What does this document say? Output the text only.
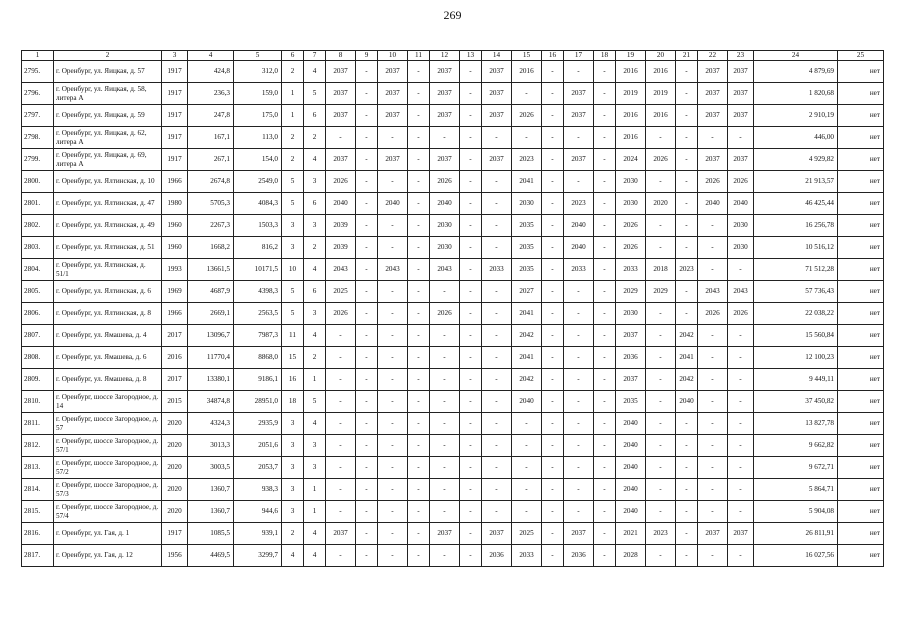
269
1	2	3	4	5	6	7	8	9	10	11	12	13	14	15	16	17	18	19	20	21	22	23	24	25
2795.	г. Оренбург, ул. Яицкая, д. 57	1917	424,8	312,0	2	4	2037	-	2037	-	2037	-	2037	2016	-	-	-	2016	2016	-	2037	2037	4 879,69	нет
2796.	г. Оренбург, ул. Яицкая, д. 58, литера А	1917	236,3	159,0	1	5	2037	-	2037	-	2037	-	2037	-	-	2037	-	2019	2019	-	2037	2037	1 820,68	нет
2797.	г. Оренбург, ул. Яицкая, д. 59	1917	247,8	175,0	1	6	2037	-	2037	-	2037	-	2037	2026	-	2037	-	2016	2016	-	2037	2037	2 910,19	нет
2798.	г. Оренбург, ул. Яицкая, д. 62, литера А	1917	167,1	113,0	2	2	-	-	-	-	-	-	-	-	-	-	-	2016	-	-	-	-	446,00	нет
2799.	г. Оренбург, ул. Яицкая, д. 69, литера А	1917	267,1	154,0	2	4	2037	-	2037	-	2037	-	2037	2023	-	2037	-	2024	2026	-	2037	2037	4 929,82	нет
2800.	г. Оренбург, ул. Ялтинская, д. 10	1966	2674,8	2549,0	5	3	2026	-	-	-	2026	-	-	2041	-	-	-	2030	-	-	2026	2026	21 913,57	нет
2801.	г. Оренбург, ул. Ялтинская, д. 47	1980	5705,3	4084,3	5	6	2040	-	2040	-	2040	-	-	2030	-	2023	-	2030	2020	-	2040	2040	46 425,44	нет
2802.	г. Оренбург, ул. Ялтинская, д. 49	1960	2267,3	1503,3	3	3	2039	-	-	-	2030	-	-	2035	-	2040	-	2026	-	-	-	2030	16 256,78	нет
2803.	г. Оренбург, ул. Ялтинская, д. 51	1960	1668,2	816,2	3	2	2039	-	-	-	2030	-	-	2035	-	2040	-	2026	-	-	-	2030	10 516,12	нет
2804.	г. Оренбург, ул. Ялтинская, д. 51/1	1993	13661,5	10171,5	10	4	2043	-	2043	-	2043	-	2033	2035	-	2033	-	2033	2018	2023	-	-	71 512,28	нет
2805.	г. Оренбург, ул. Ялтинская, д. 6	1969	4687,9	4398,3	5	6	2025	-	-	-	-	-	-	2027	-	-	-	2029	2029	-	2043	2043	57 736,43	нет
2806.	г. Оренбург, ул. Ялтинская, д. 8	1966	2669,1	2563,5	5	3	2026	-	-	-	2026	-	-	2041	-	-	-	2030	-	-	2026	2026	22 038,22	нет
2807.	г. Оренбург, ул. Ямашева, д. 4	2017	13096,7	7987,3	11	4	-	-	-	-	-	-	-	2042	-	-	-	2037	-	2042	-	-	15 560,84	нет
2808.	г. Оренбург, ул. Ямашева, д. 6	2016	11770,4	8868,0	15	2	-	-	-	-	-	-	-	2041	-	-	-	2036	-	2041	-	-	12 100,23	нет
2809.	г. Оренбург, ул. Ямашева, д. 8	2017	13380,1	9186,1	16	1	-	-	-	-	-	-	-	2042	-	-	-	2037	-	2042	-	-	9 449,11	нет
2810.	г. Оренбург, шоссе Загородное, д. 14	2015	34874,8	28951,0	18	5	-	-	-	-	-	-	-	2040	-	-	-	2035	-	2040	-	-	37 450,82	нет
2811.	г. Оренбург, шоссе Загородное, д. 57	2020	4324,3	2935,9	3	4	-	-	-	-	-	-	-	-	-	-	-	2040	-	-	-	-	13 827,78	нет
2812.	г. Оренбург, шоссе Загородное, д. 57/1	2020	3013,3	2051,6	3	3	-	-	-	-	-	-	-	-	-	-	-	2040	-	-	-	-	9 662,82	нет
2813.	г. Оренбург, шоссе Загородное, д. 57/2	2020	3003,5	2053,7	3	3	-	-	-	-	-	-	-	-	-	-	-	2040	-	-	-	-	9 672,71	нет
2814.	г. Оренбург, шоссе Загородное, д. 57/3	2020	1360,7	938,3	3	1	-	-	-	-	-	-	-	-	-	-	-	2040	-	-	-	-	5 864,71	нет
2815.	г. Оренбург, шоссе Загородное, д. 57/4	2020	1360,7	944,6	3	1	-	-	-	-	-	-	-	-	-	-	-	2040	-	-	-	-	5 904,08	нет
2816.	г. Оренбург, ул. Гая, д. 1	1917	1085,5	939,1	2	4	2037	-	-	-	2037	-	2037	2025	-	2037	-	2021	2023	-	2037	2037	26 811,91	нет
2817.	г. Оренбург, ул. Гая, д. 12	1956	4469,5	3299,7	4	4	-	-	-	-	-	-	2036	2033	-	2036	-	2028	-	-	-	-	16 027,56	нет
